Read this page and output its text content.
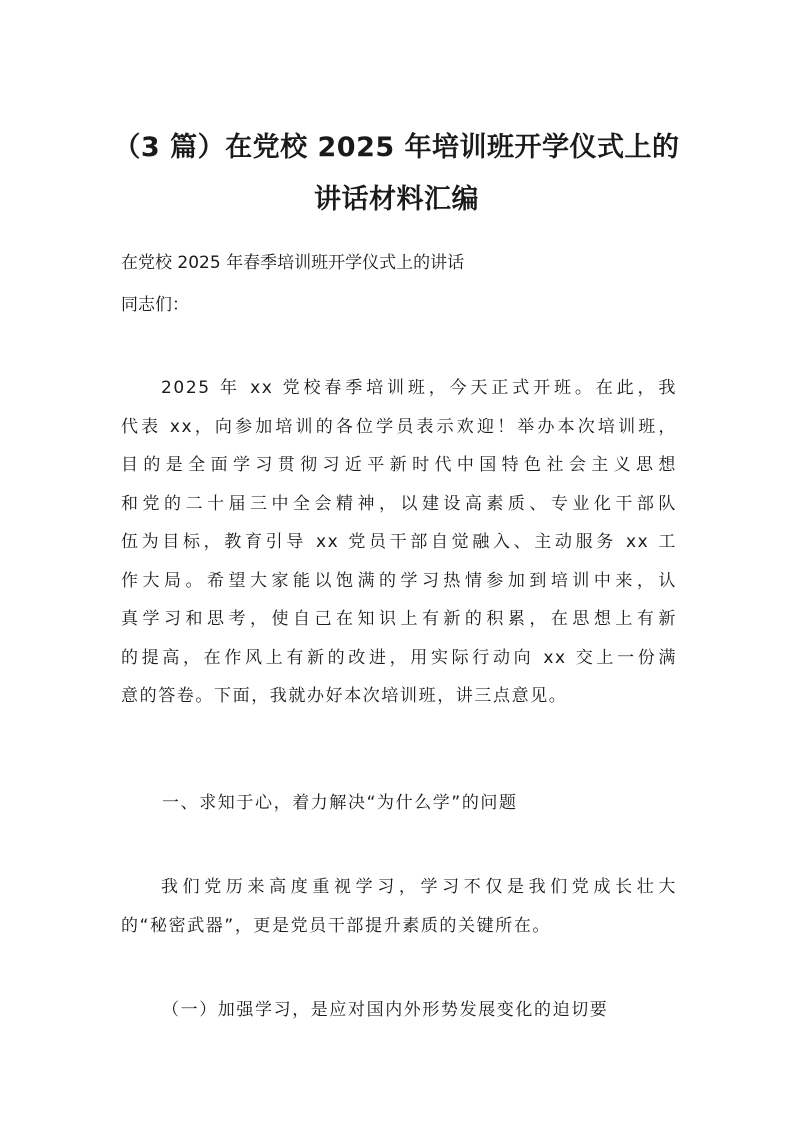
（3 篇）在党校 2025 年培训班开学仪式上的
讲话材料汇编
在党校 2025 年春季培训班开学仪式上的讲话
同志们：
2025 年 xx 党校春季培训班，今天正式开班。在此，我
代表 xx，向参加培训的各位学员表示欢迎！举办本次培训班，
目的是全面学习贯彻习近平新时代中国特色社会主义思想
和党的二十届三中全会精神，以建设高素质、专业化干部队
伍为目标，教育引导 xx 党员干部自觉融入、主动服务 xx 工
作大局。希望大家能以饱满的学习热情参加到培训中来，认
真学习和思考，使自己在知识上有新的积累，在思想上有新
的提高，在作风上有新的改进，用实际行动向 xx 交上一份满
意的答卷。下面，我就办好本次培训班，讲三点意见。
一、求知于心，着力解决“为什么学”的问题
我们党历来高度重视学习，学习不仅是我们党成长壮大
的“秘密武器”，更是党员干部提升素质的关键所在。
（一）加强学习，是应对国内外形势发展变化的迫切要
